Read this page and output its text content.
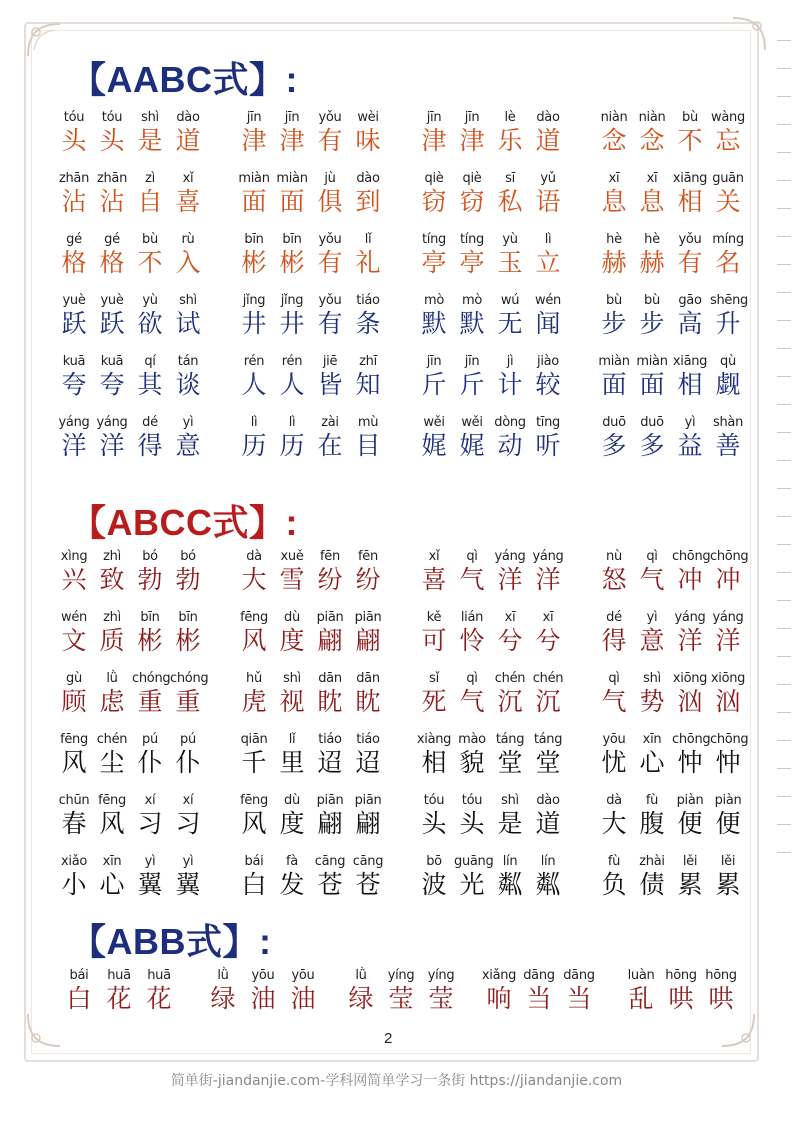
【AABC式】:
【ABCC式】:
【ABB式】:
tóu	tóu	shì	dào
头 头 是 道
jīn	jīn	yǒu	wèi
津 津 有 味
jīn	jīn	lè	dào
津 津 乐 道
niàn niàn	bù	wàng
念 念 不 忘
zhān zhān	zì	xǐ
沾 沾 自 喜
miàn miàn	jù	dào
面 面 俱 到
qiè	qiè	sī	yǔ
窃 窃 私 语
xī	xī	xiāng guān
息 息 相 关
gé	gé	bù	rù
格 格 不 入
bīn	bīn	yǒu	lǐ
彬 彬 有 礼
tíng	tíng	yù	lì
亭 亭 玉 立
hè	hè	yǒu míng
赫 赫 有 名
yuè	yuè	yù	shì
跃 跃 欲 试
jǐng	jǐng	yǒu	tiáo
井 井 有 条
mò	mò	wú	wén
默 默 无 闻
bù	bù	gāo shēng
步 步 高 升
kuā	kuā	qí	tán
夸 夸 其 谈
rén	rén	jiē	zhī
人 人 皆 知
jīn	jīn	jì	jiào
斤 斤 计 较
miàn miàn xiāng qù
面 面 相 觑
yáng yáng	dé	yì
洋 洋 得 意
lì	lì	zài	mù
历 历 在 目
wěi	wěi dòng tīng
娓 娓 动 听
duō	duō	yì	shàn
多 多 益 善
xìng	zhì	bó	bó
兴 致 勃 勃
dà	xuě	fēn	fēn
大 雪 纷 纷
xǐ	qì	yáng yáng
喜 气 洋 洋
nù	qì	chōng chōng
怒 气 冲 冲
wén	zhì	bīn	bīn
文 质 彬 彬
fēng	dù	piān piān
风 度 翩 翩
kě	lián	xī	xī
可 怜 兮 兮
dé	yì	yáng yáng
得 意 洋 洋
gù	lǜ	chóng chóng
顾 虑 重 重
hǔ	shì	dān	dān
虎 视 眈 眈
sǐ	qì	chén chén
死 气 沉 沉
qì	shì xiōng xiōng
气 势 汹 汹
fēng chén	pú	pú
风 尘 仆 仆
qiān	lǐ	tiáo	tiáo
千 里 迢 迢
xiàng mào táng táng
相 貌 堂 堂
yōu	xīn chōng chōng
忧 心 忡 忡
chūn fēng	xí	xí
春 风 习 习
fēng	dù	piān piān
风 度 翩 翩
tóu	tóu	shì	dào
头 头 是 道
dà	fù	piàn piàn
大 腹 便 便
xiǎo	xīn	yì	yì
小 心 翼 翼
bái	fà	cāng cāng
白 发 苍 苍
bō guāng lín	lín
波 光 粼 粼
fù	zhài	lěi	lěi
负 债 累 累
bái	huā	huā
白 花 花
lǜ	yōu	yōu
绿 油 油
lǜ	yíng	yíng
绿 莹 莹
xiǎng dāng dāng
响 当 当
luàn hōng hōng
乱 哄 哄
2
简单街-jiandanjie.com-学科网简单学习一条街 https://jiandanjie.com
